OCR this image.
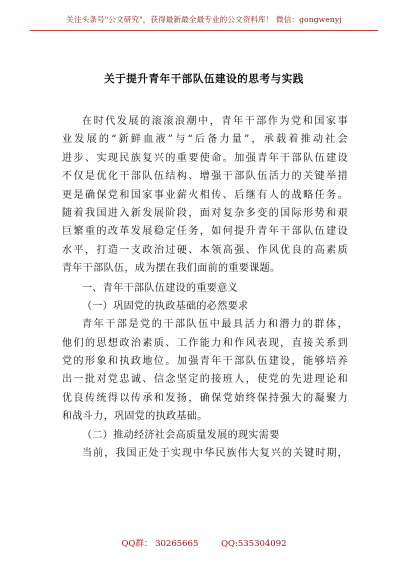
关注头条号"公文研究"，获得最新最全最专业的公文资料库！ 微信：gongwenyj
关于提升青年干部队伍建设的思考与实践
在时代发展的滚滚浪潮中，青年干部作为党和国家事
业发展的“新鲜血液”与“后备力量”，承载着推动社会
进步、实现民族复兴的重要使命。加强青年干部队伍建设
不仅是优化干部队伍结构、增强干部队伍活力的关键举措
更是确保党和国家事业薪火相传、后继有人的战略任务。
随着我国进入新发展阶段，面对复杂多变的国际形势和艰
巨繁重的改革发展稳定任务，如何提升青年干部队伍建设
水平，打造一支政治过硬、本领高强、作风优良的高素质
青年干部队伍，成为摆在我们面前的重要课题。
一、青年干部队伍建设的重要意义
（一）巩固党的执政基础的必然要求
青年干部是党的干部队伍中最具活力和潜力的群体，
他们的思想政治素质、工作能力和作风表现，直接关系到
党的形象和执政地位。加强青年干部队伍建设，能够培养
出一批对党忠诚、信念坚定的接班人，使党的先进理论和
优良传统得以传承和发扬，确保党始终保持强大的凝聚力
和战斗力，巩固党的执政基础。
（二）推动经济社会高质量发展的现实需要
当前，我国正处于实现中华民族伟大复兴的关键时期，
QQ群： 30265665	QQ:535304092
